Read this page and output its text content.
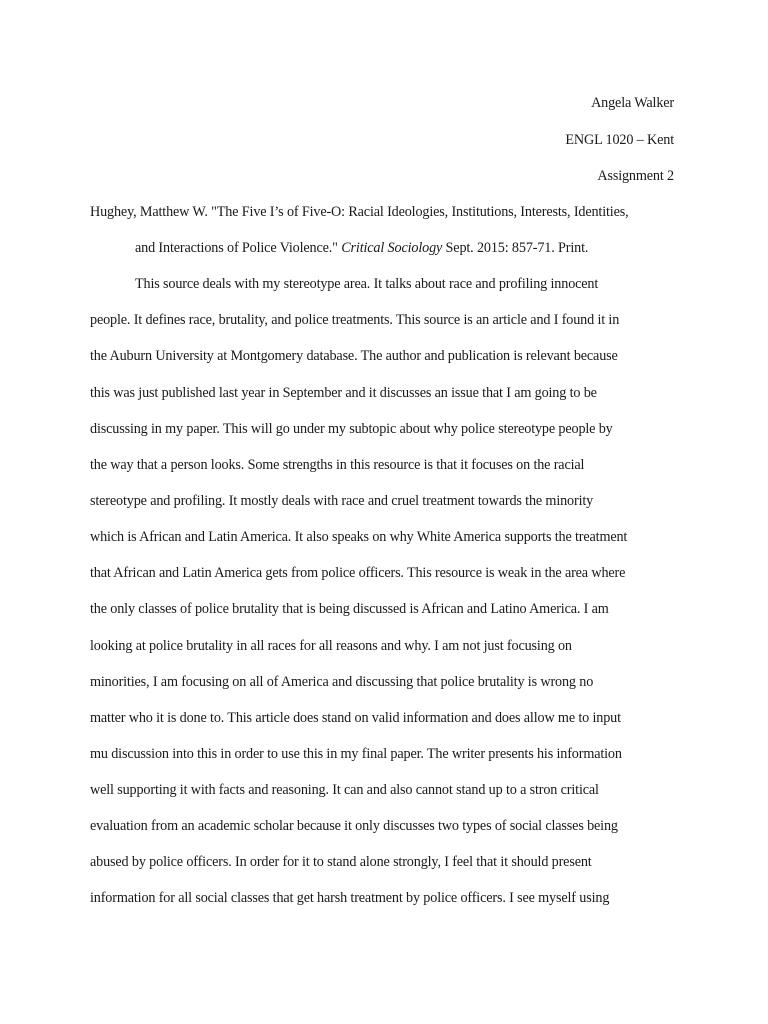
Angela Walker
ENGL 1020 – Kent
Assignment 2
Hughey, Matthew W. "The Five I’s of Five-O: Racial Ideologies, Institutions, Interests, Identities,
and Interactions of Police Violence." Critical Sociology Sept. 2015: 857-71. Print.
This source deals with my stereotype area. It talks about race and profiling innocent
people. It defines race, brutality, and police treatments. This source is an article and I found it in
the Auburn University at Montgomery database. The author and publication is relevant because
this was just published last year in September and it discusses an issue that I am going to be
discussing in my paper. This will go under my subtopic about why police stereotype people by
the way that a person looks. Some strengths in this resource is that it focuses on the racial
stereotype and profiling. It mostly deals with race and cruel treatment towards the minority
which is African and Latin America. It also speaks on why White America supports the treatment
that African and Latin America gets from police officers. This resource is weak in the area where
the only classes of police brutality that is being discussed is African and Latino America. I am
looking at police brutality in all races for all reasons and why. I am not just focusing on
minorities, I am focusing on all of America and discussing that police brutality is wrong no
matter who it is done to. This article does stand on valid information and does allow me to input
mu discussion into this in order to use this in my final paper. The writer presents his information
well supporting it with facts and reasoning. It can and also cannot stand up to a stron critical
evaluation from an academic scholar because it only discusses two types of social classes being
abused by police officers. In order for it to stand alone strongly, I feel that it should present
information for all social classes that get harsh treatment by police officers. I see myself using
